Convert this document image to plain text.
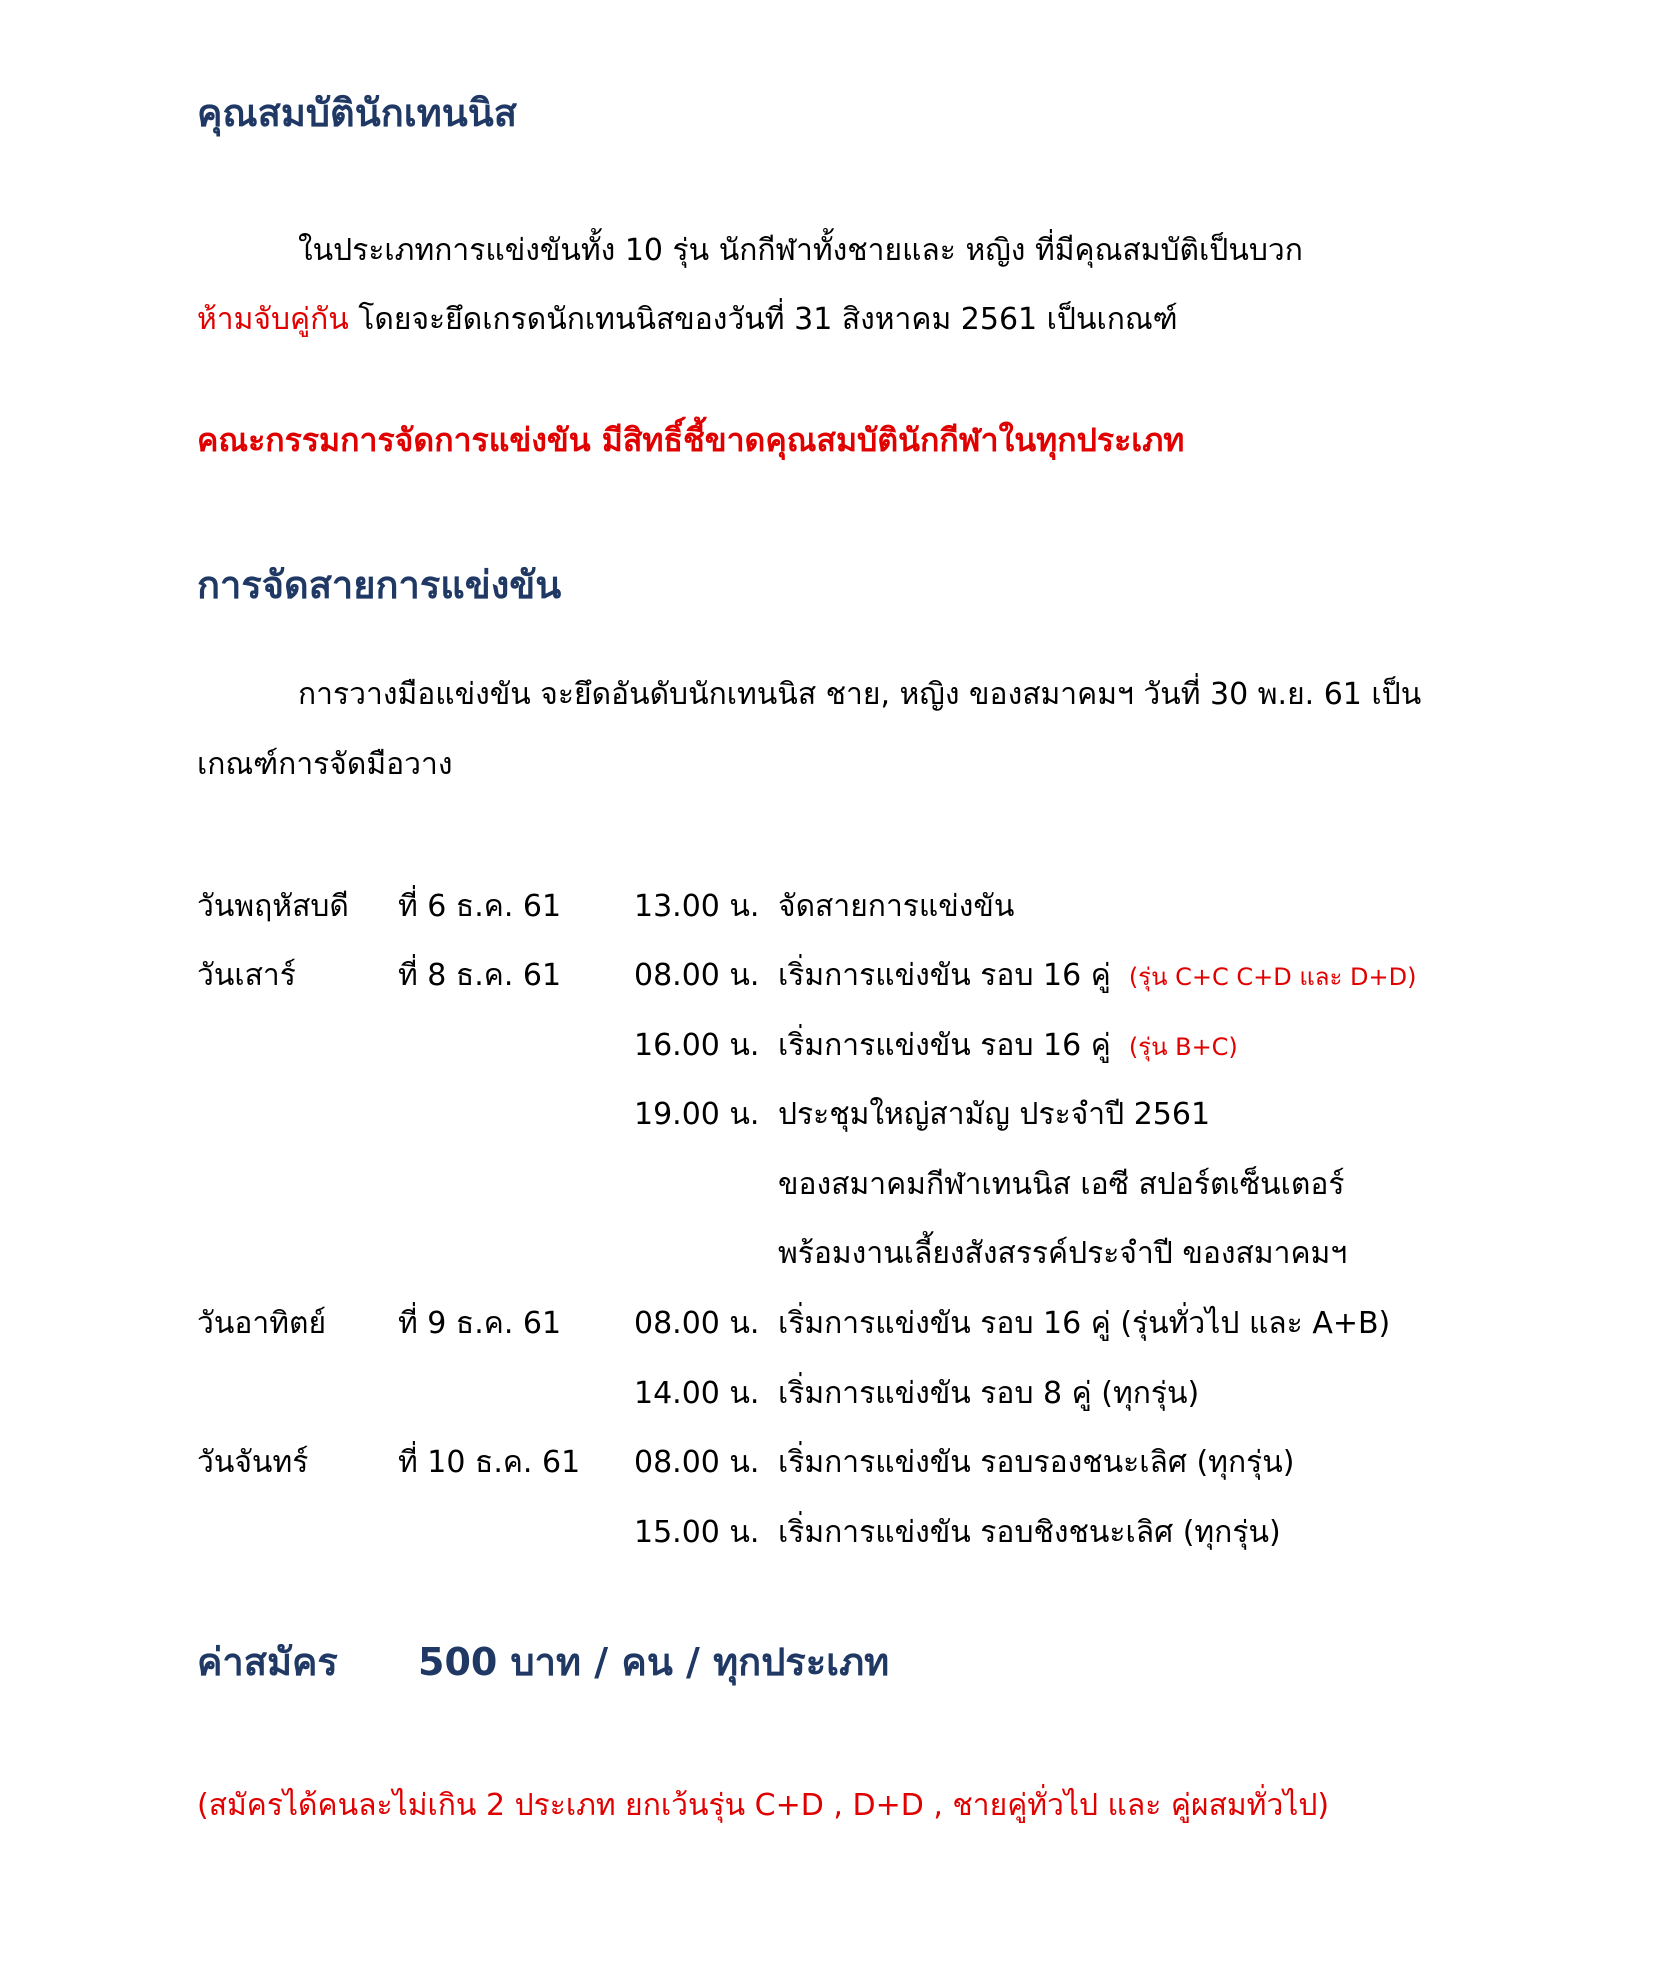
คุณสมบัตินักเทนนิส
ในประเภทการแข่งขันทั้ง 10 รุ่น นักกีฬาทั้งชายและ หญิง ที่มีคุณสมบัติเป็นบวก
ห้ามจับคู่กัน โดยจะยึดเกรดนักเทนนิสของวันที่ 31 สิงหาคม 2561 เป็นเกณฑ์
คณะกรรมการจัดการแข่งขัน มีสิทธิ์ชี้ขาดคุณสมบัตินักกีฬาในทุกประเภท
การจัดสายการแข่งขัน
การวางมือแข่งขัน จะยึดอันดับนักเทนนิส ชาย, หญิง ของสมาคมฯ วันที่ 30 พ.ย. 61 เป็น
เกณฑ์การจัดมือวาง
วันพฤหัสบดี ที่ 6 ธ.ค. 61 13.00 น. จัดสายการแข่งขัน
วันเสาร์	ที่ 8 ธ.ค. 61 08.00 น. เริ่มการแข่งขัน รอบ 16 คู่ (รุ่น C+C C+D และ D+D)
16.00 น. เริ่มการแข่งขัน รอบ 16 คู่ (รุ่น B+C)
19.00 น. ประชุมใหญ่สามัญ ประจำปี 2561
ของสมาคมกีฬาเทนนิส เอซี สปอร์ตเซ็นเตอร์
พร้อมงานเลี้ยงสังสรรค์ประจำปี ของสมาคมฯ
วันอาทิตย์ ที่ 9 ธ.ค. 61 08.00 น. เริ่มการแข่งขัน รอบ 16 คู่ (รุ่นทั่วไป และ A+B)
14.00 น. เริ่มการแข่งขัน รอบ 8 คู่ (ทุกรุ่น)
วันจันทร์	ที่ 10 ธ.ค. 61 08.00 น. เริ่มการแข่งขัน รอบรองชนะเลิศ (ทุกรุ่น)
15.00 น. เริ่มการแข่งขัน รอบชิงชนะเลิศ (ทุกรุ่น)
ค่าสมัคร 500 บาท / คน / ทุกประเภท
(สมัครได้คนละไม่เกิน 2 ประเภท ยกเว้นรุ่น C+D , D+D , ชายคู่ทั่วไป และ คู่ผสมทั่วไป)
